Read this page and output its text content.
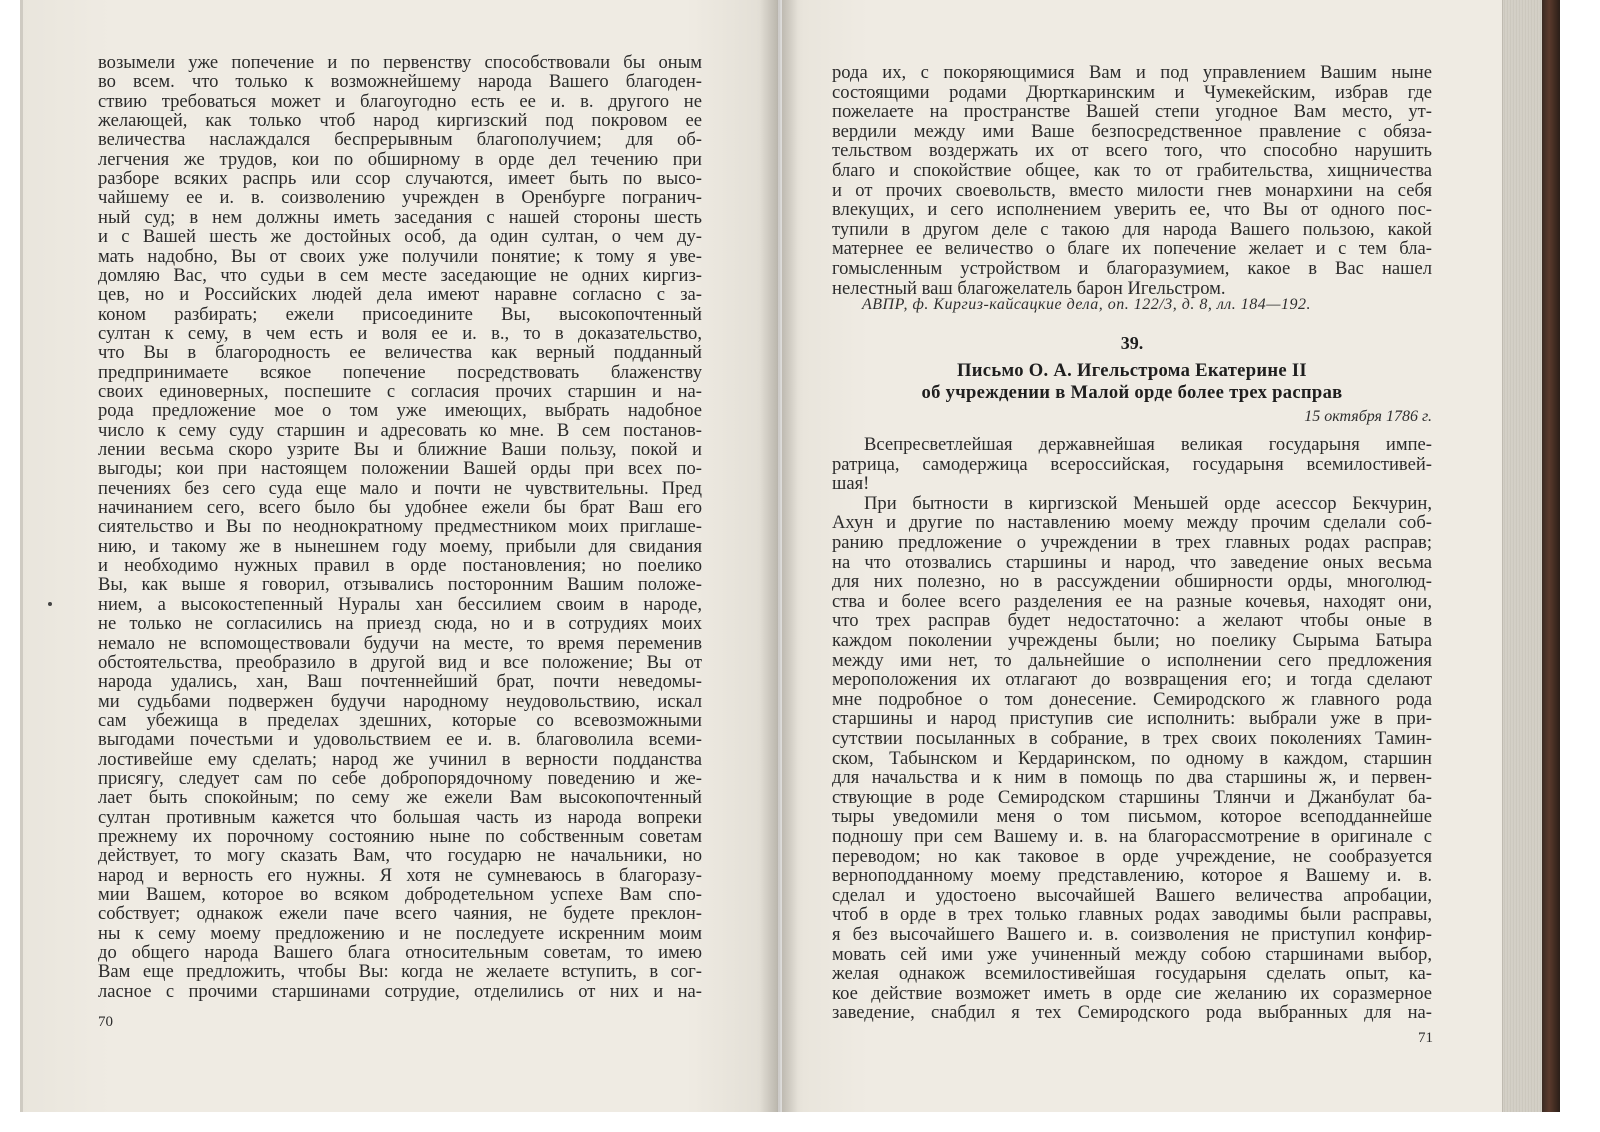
возымели уже попечение и по первенству способствовали бы оным

во всем. что только к возможнейшему народа Вашего благоден-

ствию требоваться может и благоугодно есть ее и. в. другого не

желающей, как только чтоб народ киргизский под покровом ее

величества наслаждался беспрерывным благополучием; для об-

легчения же трудов, кои по обширному в орде дел течению при

разборе всяких распрь или ссор случаются, имеет быть по высо-

чайшему ее и. в. соизволению учрежден в Оренбурге погранич-

ный суд; в нем должны иметь заседания с нашей стороны шесть

и с Вашей шесть же достойных особ, да один султан, о чем ду-

мать надобно, Вы от своих уже получили понятие; к тому я уве-

домляю Вас, что судьи в сем месте заседающие не одних киргиз-

цев, но и Российских людей дела имеют наравне согласно с за-

коном разбирать; ежели присоедините Вы, высокопочтенный

султан к сему, в чем есть и воля ее и. в., то в доказательство,

что Вы в благородность ее величества как верный подданный

предпринимаете всякое попечение посредствовать блаженству

своих единоверных, поспешите с согласия прочих старшин и на-

рода предложение мое о том уже имеющих, выбрать надобное

число к сему суду старшин и адресовать ко мне. В сем постанов-

лении весьма скоро узрите Вы и ближние Ваши пользу, покой и

выгоды; кои при настоящем положении Вашей орды при всех по-

печениях без сего суда еще мало и почти не чувствительны. Пред

начинанием сего, всего было бы удобнее ежели бы брат Ваш его

сиятельство и Вы по неоднократному предместником моих приглаше-

нию, и такому же в нынешнем году моему, прибыли для свидания

и необходимо нужных правил в орде постановления; но поелико

Вы, как выше я говорил, отзывались посторонним Вашим положе-

нием, а высокостепенный Нуралы хан бессилием своим в народе,

не только не согласились на приезд сюда, но и в сотрудиях моих

немало не вспомоществовали будучи на месте, то время переменив

обстоятельства, преобразило в другой вид и все положение; Вы от

народа удались, хан, Ваш почтеннейший брат, почти неведомы-

ми судьбами подвержен будучи народному неудовольствию, искал

сам убежища в пределах здешних, которые со всевозможными

выгодами почестьми и удовольствием ее и. в. благоволила всеми-

лостивейше ему сделать; народ же учинил в верности подданства

присягу, следует сам по себе добропорядочному поведению и же-

лает быть спокойным; по сему же ежели Вам высокопочтенный

султан противным кажется что большая часть из народа вопреки

прежнему их порочному состоянию ныне по собственным советам

действует, то могу сказать Вам, что государю не начальники, но

народ и верность его нужны. Я хотя не сумневаюсь в благоразу-

мии Вашем, которое во всяком добродетельном успехе Вам спо-

собствует; однакож ежели паче всего чаяния, не будете преклон-

ны к сему моему предложению и не последуете искренним моим

до общего народа Вашего блага относительным советам, то имею

Вам еще предложить, чтобы Вы: когда не желаете вступить, в сог-

ласное с прочими старшинами сотрудие, отделились от них и на-

70

рода их, с покоряющимися Вам и под управлением Вашим ныне

состоящими родами Дюрткаринским и Чумекейским, избрав где

пожелаете на пространстве Вашей степи угодное Вам место, ут-

вердили между ими Ваше безпосредственное правление с обяза-

тельством воздержать их от всего того, что способно нарушить

благо и спокойствие общее, как то от грабительства, хищничества

и от прочих своевольств, вместо милости гнев монархини на себя

влекущих, и сего исполнением уверить ее, что Вы от одного пос-

тупили в другом деле с такою для народа Вашего пользою, какой

матернее ее величество о благе их попечение желает и с тем бла-

гомысленным устройством и благоразумием, какое в Вас нашел

нелестный ваш благожелатель барон Игельстром.

АВПР, ф. Киргиз-кайсацкие дела, оп. 122/3, д. 8, лл. 184—192.

39.

Письмо О. А. Игельстрома Екатерине II

об учреждении в Малой орде более трех расправ

15 октября 1786 г.

Всепресветлейшая державнейшая великая государыня импе-

ратрица, самодержица всероссийская, государыня всемилостивей-

шая!

При бытности в киргизской Меньшей орде асессор Бекчурин,

Ахун и другие по наставлению моему между прочим сделали соб-

ранию предложение о учреждении в трех главных родах расправ;

на что отозвались старшины и народ, что заведение оных весьма

для них полезно, но в рассуждении обширности орды, многолюд-

ства и более всего разделения ее на разные кочевья, находят они,

что трех расправ будет недостаточно: а желают чтобы оные в

каждом поколении учреждены были; но поелику Сырыма Батыра

между ими нет, то дальнейшие о исполнении сего предложения

мероположения их отлагают до возвращения его; и тогда сделают

мне подробное о том донесение. Семиродского ж главного рода

старшины и народ приступив сие исполнить: выбрали уже в при-

сутствии посыланных в собрание, в трех своих поколениях Тамин-

ском, Табынском и Кердаринском, по одному в каждом, старшин

для начальства и к ним в помощь по два старшины ж, и первен-

ствующие в роде Семиродском старшины Тлянчи и Джанбулат ба-

тыры уведомили меня о том письмом, которое всеподданнейше

подношу при сем Вашему и. в. на благорассмотрение в оригинале с

переводом; но как таковое в орде учреждение, не сообразуется

верноподданному моему представлению, которое я Вашему и. в.

сделал и удостоено высочайшей Вашего величества апробации,

чтоб в орде в трех только главных родах заводимы были расправы,

я без высочайшего Вашего и. в. соизволения не приступил конфир-

мовать сей ими уже учиненный между собою старшинами выбор,

желая однакож всемилостивейшая государыня сделать опыт, ка-

кое действие возможет иметь в орде сие желанию их соразмерное

заведение, снабдил я тех Семиродского рода выбранных для на-

71
